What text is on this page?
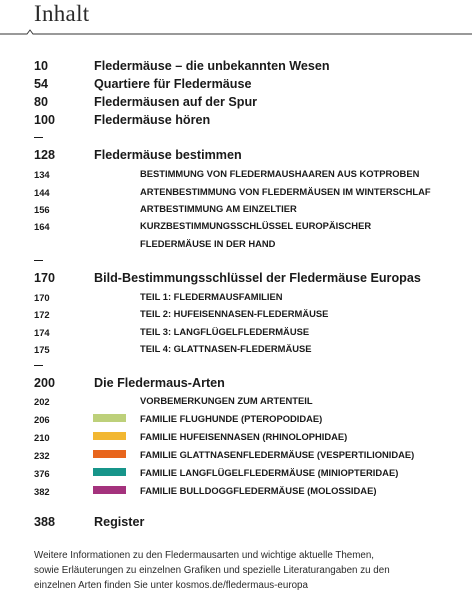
Inhalt
10	Fledermäuse – die unbekannten Wesen
54	Quartiere für Fledermäuse
80	Fledermäusen auf der Spur
100	Fledermäuse hören
128	Fledermäuse bestimmen
134	BESTIMMUNG VON FLEDERMAUSHAAREN AUS KOTPROBEN
144	ARTENBESTIMMUNG VON FLEDERMÄUSEN IM WINTERSCHLAF
156	ARTBESTIMMUNG AM EINZELTIER
164	KURZBESTIMMUNGSSCHLÜSSEL EUROPÄISCHER
FLEDERMÄUSE IN DER HAND
170	Bild-Bestimmungsschlüssel der Fledermäuse Europas
170	TEIL 1: FLEDERMAUSFAMILIEN
172	TEIL 2: HUFEISENNASEN-FLEDERMÄUSE
174	TEIL 3: LANGFLÜGELFLEDERMÄUSE
175	TEIL 4: GLATTNASEN-FLEDERMÄUSE
200	Die Fledermaus-Arten
202	VORBEMERKUNGEN ZUM ARTENTEIL
206	FAMILIE FLUGHUNDE (PTEROPODIDAE)
210	FAMILIE HUFEISENNASEN (RHINOLOPHIDAE)
232	FAMILIE GLATTNASENFLEDERMÄUSE (VESPERTILIONIDAE)
376	FAMILIE LANGFLÜGELFLEDERMÄUSE (MINIOPTERIDAE)
382	FAMILIE BULLDOGGFLEDERMÄUSE (MOLOSSIDAE)
388	Register
Weitere Informationen zu den Fledermausarten und wichtige aktuelle Themen,
sowie Erläuterungen zu einzelnen Grafiken und spezielle Literaturangaben zu den
einzelnen Arten finden Sie unter kosmos.de/fledermaus-europa
